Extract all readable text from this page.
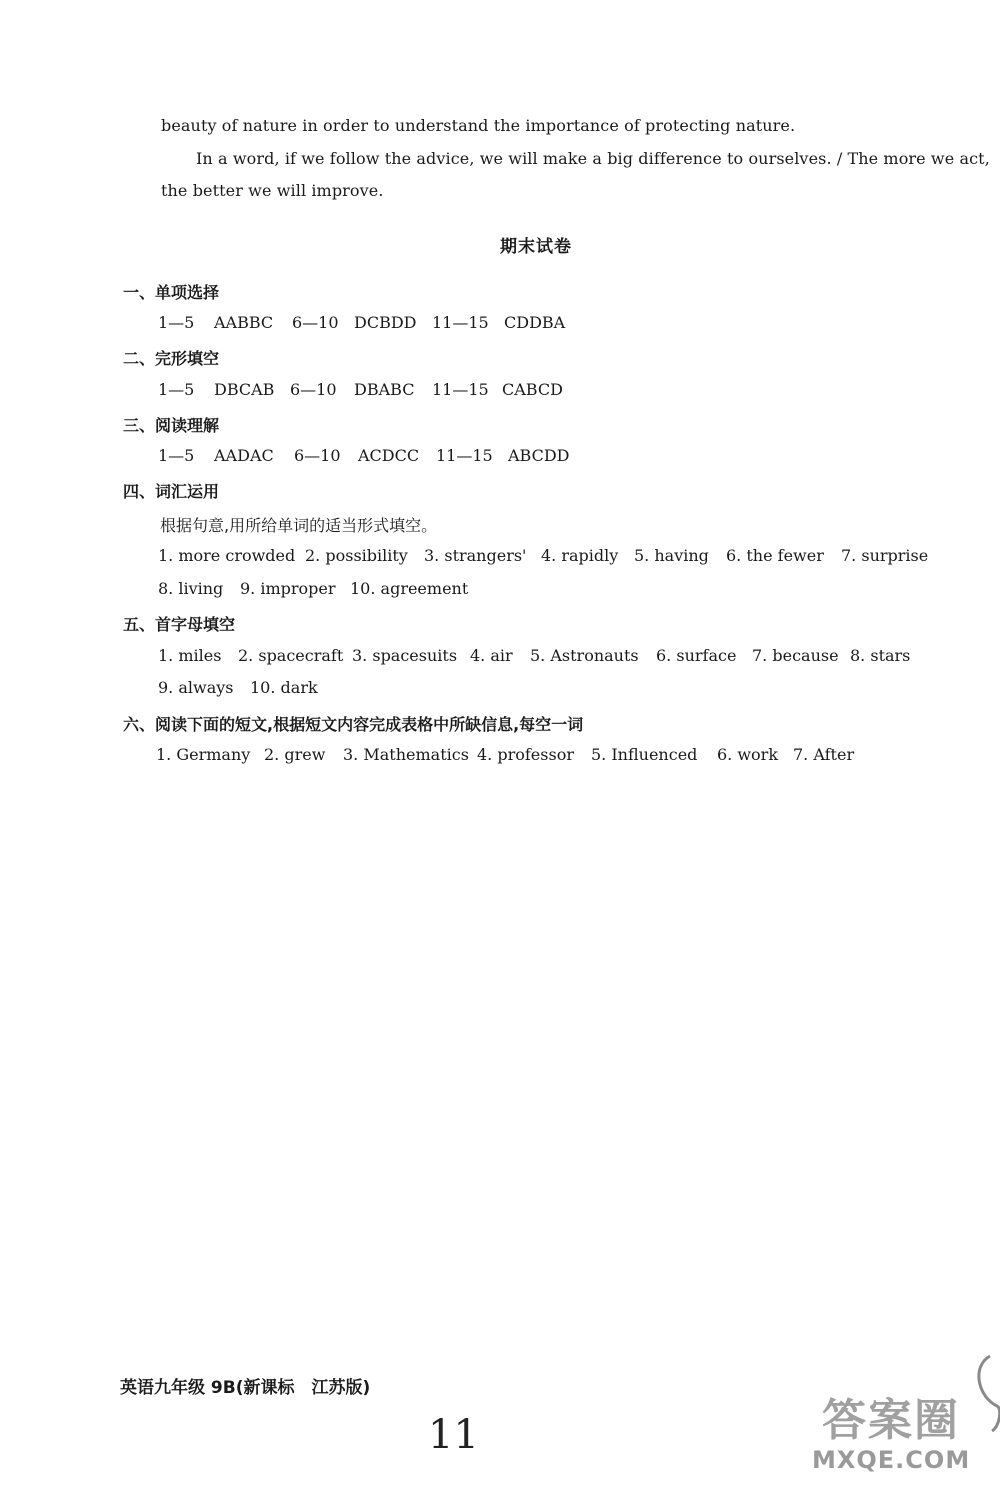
beauty of nature in order to understand the importance of protecting nature.
In a word, if we follow the advice, we will make a big difference to ourselves. / The more we act,
the better we will improve.
期末试卷
一、单项选择
1—5	AABBC	6—10 DCBDD 11—15 CDDBA
二、完形填空
1—5	DBCAB 6—10	DBABC	11—15 CABCD
三、阅读理解
1—5	AADAC	6—10	ACDCC	11—15 ABCDD
四、词汇运用
根据句意,用所给单词的适当形式填空。
1. more crowded 2. possibility	3. strangers' 4. rapidly 5. having	6. the fewer	7. surprise
8. living	9. improper 10. agreement
五、首字母填空
1. miles	2. spacecraft 3. spacesuits 4. air	5. Astronauts	6. surface 7. because 8. stars
9. always	10. dark
六、阅读下面的短文,根据短文内容完成表格中所缺信息,每空一词
1. Germany 2. grew	3. Mathematics 4. professor	5. Influenced	6. work 7. After
英语九年级 9B(新课标　江苏版)
11	答案圈
MXQE.COM
